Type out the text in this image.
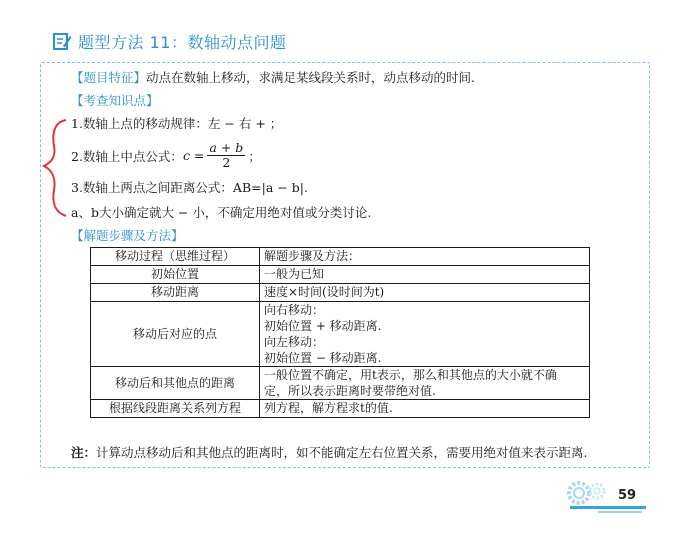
题型方法 11：数轴动点问题
【题目特征】动点在数轴上移动，求满足某线段关系时，动点移动的时间.
【考查知识点】
1.数轴上点的移动规律：左 − 右 + ；
2.数轴上中点公式： $c = \frac{a + b}{2}$ ；
3.数轴上两点之间距离公式：AB=|a − b|.
a、b大小确定就大 − 小，不确定用绝对值或分类讨论.
【解题步骤及方法】
移动过程（思维过程）	解题步骤及方法：
初始位置	一般为已知
移动距离	速度×时间(设时间为t)
移动后对应的点	向右移动：
初始位置 + 移动距离.
向左移动：
初始位置 − 移动距离.

移动后和其他点的距离	一般位置不确定，用t表示，那么和其他点的大小就不确
定，所以表示距离时要带绝对值.

根据线段距离关系列方程	列方程，解方程求t的值.
注：计算动点移动后和其他点的距离时，如不能确定左右位置关系，需要用绝对值来表示距离.
59
